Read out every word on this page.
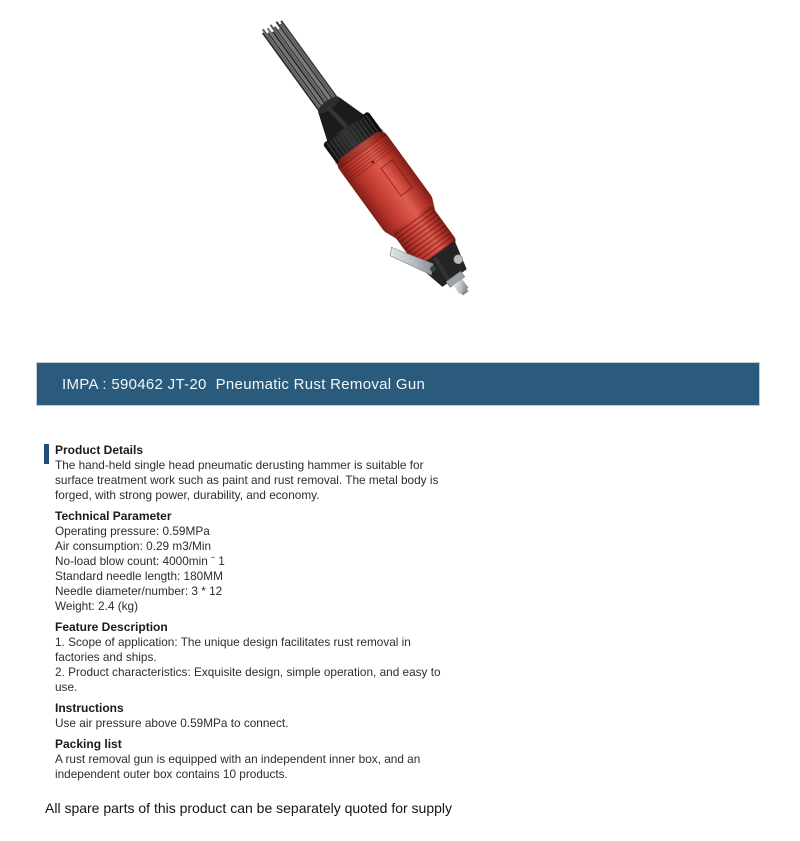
IMPA : 590462 JT-20  Pneumatic Rust Removal Gun
Product Details
The hand-held single head pneumatic derusting hammer is suitable for
surface treatment work such as paint and rust removal. The metal body is
forged, with strong power, durability, and economy.
Technical Parameter
Operating pressure: 0.59MPa
Air consumption: 0.29 m3/Min
No-load blow count: 4000min ˉ 1
Standard needle length: 180MM
Needle diameter/number: 3 * 12
Weight: 2.4 (kg)
Feature Description
1. Scope of application: The unique design facilitates rust removal in
factories and ships.
2. Product characteristics: Exquisite design, simple operation, and easy to
use.
Instructions
Use air pressure above 0.59MPa to connect.
Packing list
A rust removal gun is equipped with an independent inner box, and an
independent outer box contains 10 products.
All spare parts of this product can be separately quoted for supply
